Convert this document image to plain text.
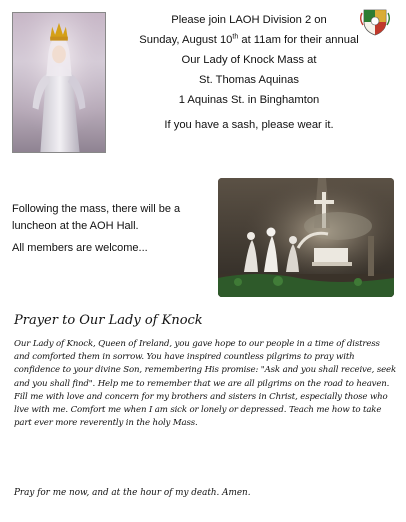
Please join LAOH Division 2 on

Sunday, August 10th at 11am for their annual

Our Lady of Knock Mass at

St. Thomas Aquinas

1 Aquinas St. in Binghamton

If you have a sash, please wear it.

Following the mass, there will be a luncheon at the AOH Hall.

All members are welcome...

Prayer to Our Lady of Knock
Our Lady of Knock, Queen of Ireland, you gave hope to our people in a time of distress and comforted them in sorrow. You have inspired countless pilgrims to pray with confidence to your divine Son, remembering His promise: "Ask and you shall receive, seek and you shall find". Help me to remember that we are all pilgrims on the road to heaven. Fill me with love and concern for my brothers and sisters in Christ, especially those who live with me. Comfort me when I am sick or lonely or depressed. Teach me how to take part ever more reverently in the holy Mass.
Pray for me now, and at the hour of my death. Amen.
